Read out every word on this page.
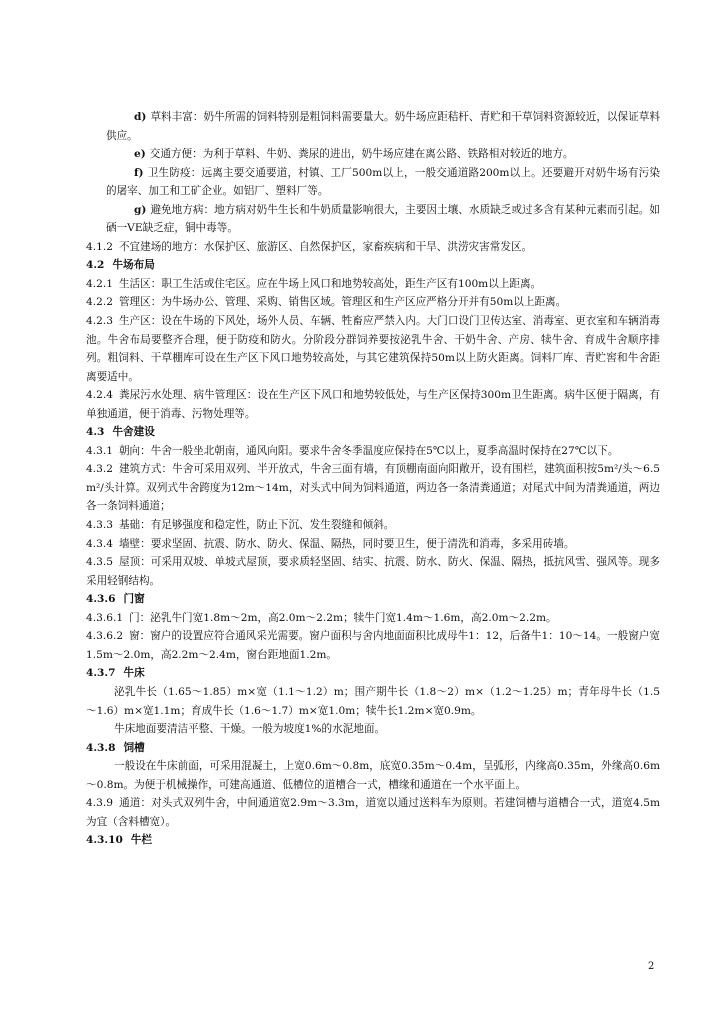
d) 草料丰富：奶牛所需的饲料特别是粗饲料需要量大。奶牛场应距秸杆、青贮和干草饲料资源较近，以保证草料供应。

e) 交通方便：为利于草料、牛奶、粪尿的进出，奶牛场应建在离公路、铁路相对较近的地方。

f) 卫生防疫：远离主要交通要道，村镇、工厂500m以上，一般交通道路200m以上。还要避开对奶牛场有污染的屠宰、加工和工矿企业。如铝厂、塑料厂等。

g) 避免地方病：地方病对奶牛生长和牛奶质量影响很大，主要因土壤、水质缺乏或过多含有某种元素而引起。如硒一VE缺乏症，铜中毒等。

4.1.2 不宜建场的地方：水保护区、旅游区、自然保护区，家畜疾病和干旱、洪涝灾害常发区。

4.2 牛场布局

4.2.1 生活区：职工生活或住宅区。应在牛场上风口和地势较高处，距生产区有100m以上距离。

4.2.2 管理区：为牛场办公、管理、采购、销售区域。管理区和生产区应严格分开并有50m以上距离。

4.2.3 生产区：设在牛场的下风处，场外人员、车辆、牲畜应严禁入内。大门口设门卫传达室、消毒室、更衣室和车辆消毒池。牛舍布局要整齐合理，便于防疫和防火。分阶段分群饲养要按泌乳牛舍、干奶牛舍、产房、犊牛舍、育成牛舍顺序排列。粗饲料、干草棚库可设在生产区下风口地势较高处，与其它建筑保持50m以上防火距离。饲料厂库、青贮窖和牛舍距离要适中。

4.2.4 粪尿污水处理、病牛管理区：设在生产区下风口和地势较低处，与生产区保持300m卫生距离。病牛区便于隔离，有单独通道，便于消毒、污物处理等。

4.3 牛舍建设

4.3.1 朝向：牛舍一般坐北朝南，通风向阳。要求牛舍冬季温度应保持在5℃以上，夏季高温时保持在27℃以下。

4.3.2 建筑方式：牛舍可采用双列、半开放式，牛舍三面有墙，有顶棚南面向阳敞开，设有围栏，建筑面积按5m²/头～6.5m²/头计算。双列式牛舍跨度为12m～14m，对头式中间为饲料通道，两边各一条清粪通道；对尾式中间为清粪通道，两边各一条饲料通道；

4.3.3 基础：有足够强度和稳定性，防止下沉、发生裂缝和倾斜。

4.3.4 墙壁：要求坚固、抗震、防水、防火、保温、隔热，同时要卫生，便于清洗和消毒，多采用砖墙。

4.3.5 屋顶：可采用双坡、单坡式屋顶，要求质轻坚固、结实、抗震、防水、防火、保温、隔热，抵抗风雪、强风等。现多采用轻钢结构。

4.3.6 门窗

4.3.6.1 门：泌乳牛门宽1.8m～2m，高2.0m～2.2m；犊牛门宽1.4m～1.6m，高2.0m～2.2m。

4.3.6.2 窗：窗户的设置应符合通风采光需要。窗户面积与舍内地面面积比成母牛1：12，后备牛1：10～14。一般窗户宽1.5m～2.0m，高2.2m～2.4m，窗台距地面1.2m。

4.3.7 牛床

泌乳牛长（1.65～1.85）m×宽（1.1～1.2）m；围产期牛长（1.8～2）m×（1.2～1.25）m；青年母牛长（1.5～1.6）m×宽1.1m；育成牛长（1.6～1.7）m×宽1.0m；犊牛长1.2m×宽0.9m。

牛床地面要清洁平整、干燥。一般为坡度1%的水泥地面。

4.3.8 饲槽

一般设在牛床前面，可采用混凝土，上宽0.6m～0.8m，底宽0.35m～0.4m，呈弧形，内缘高0.35m，外缘高0.6m～0.8m。为便于机械操作，可建高通道、低槽位的道槽合一式，槽缘和通道在一个水平面上。

4.3.9 通道：对头式双列牛舍，中间通道宽2.9m～3.3m，道宽以通过送料车为原则。若建饲槽与道槽合一式，道宽4.5m为宜（含料槽宽）。

4.3.10 牛栏

2
